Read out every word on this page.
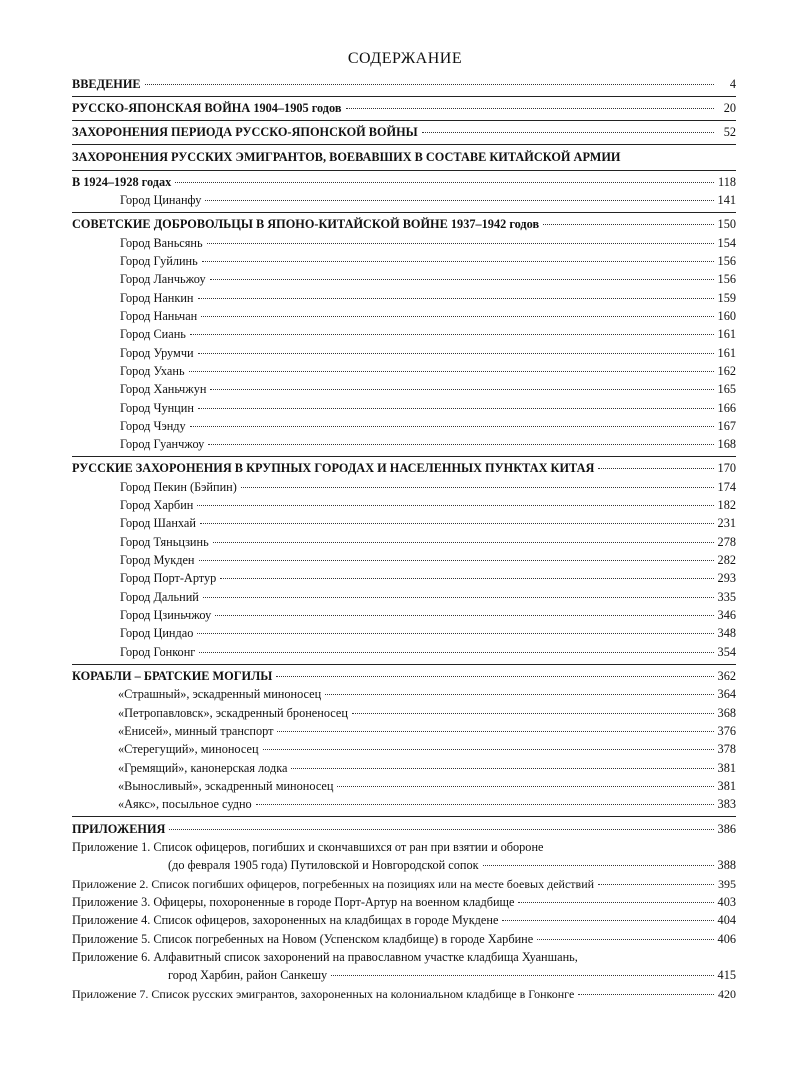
СОДЕРЖАНИЕ
ВВЕДЕНИЕ	4
РУССКО-ЯПОНСКАЯ ВОЙНА 1904–1905 годов	20
ЗАХОРОНЕНИЯ ПЕРИОДА РУССКО-ЯПОНСКОЙ ВОЙНЫ	52
ЗАХОРОНЕНИЯ РУССКИХ ЭМИГРАНТОВ, ВОЕВАВШИХ В СОСТАВЕ КИТАЙСКОЙ АРМИИ
В 1924–1928 годах	118
Город Цинанфу	141
СОВЕТСКИЕ ДОБРОВОЛЬЦЫ В ЯПОНО-КИТАЙСКОЙ ВОЙНЕ 1937–1942 годов	150
Город Ваньсянь	154
Город Гуйлинь	156
Город Ланчьжоу	156
Город Нанкин	159
Город Наньчан	160
Город Сиань	161
Город Урумчи	161
Город Ухань	162
Город Ханьчжун	165
Город Чунцин	166
Город Чэнду	167
Город Гуанчжоу	168
РУССКИЕ ЗАХОРОНЕНИЯ В КРУПНЫХ ГОРОДАХ И НАСЕЛЕННЫХ ПУНКТАХ КИТАЯ	170
Город Пекин (Бэйпин)	174
Город Харбин	182
Город Шанхай	231
Город Тяньцзинь	278
Город Мукден	282
Город Порт-Артур	293
Город Дальний	335
Город Цзиньчжоу	346
Город Циндао	348
Город Гонконг	354
КОРАБЛИ – БРАТСКИЕ МОГИЛЫ	362
«Страшный», эскадренный миноносец	364
«Петропавловск», эскадренный броненосец	368
«Енисей», минный транспорт	376
«Стерегущий», миноносец	378
«Гремящий», канонерская лодка	381
«Выносливый», эскадренный миноносец	381
«Аякс», посыльное судно	383
ПРИЛОЖЕНИЯ	386
Приложение 1. Список офицеров, погибших и скончавшихся от ран при взятии и обороне
(до февраля 1905 года) Путиловской и Новгородской сопок	388
Приложение 2. Список погибших офицеров, погребенных на позициях или на месте боевых действий	395
Приложение 3. Офицеры, похороненные в городе Порт-Артур на военном кладбище	403
Приложение 4. Список офицеров, захороненных на кладбищах в городе Мукдене	404
Приложение 5. Список погребенных на Новом (Успенском кладбище) в городе Харбине	406
Приложение 6. Алфавитный список захоронений на православном участке кладбища Хуаншань,
город Харбин, район Санкешу	415
Приложение 7. Список русских эмигрантов, захороненных на колониальном кладбище в Гонконге	420
